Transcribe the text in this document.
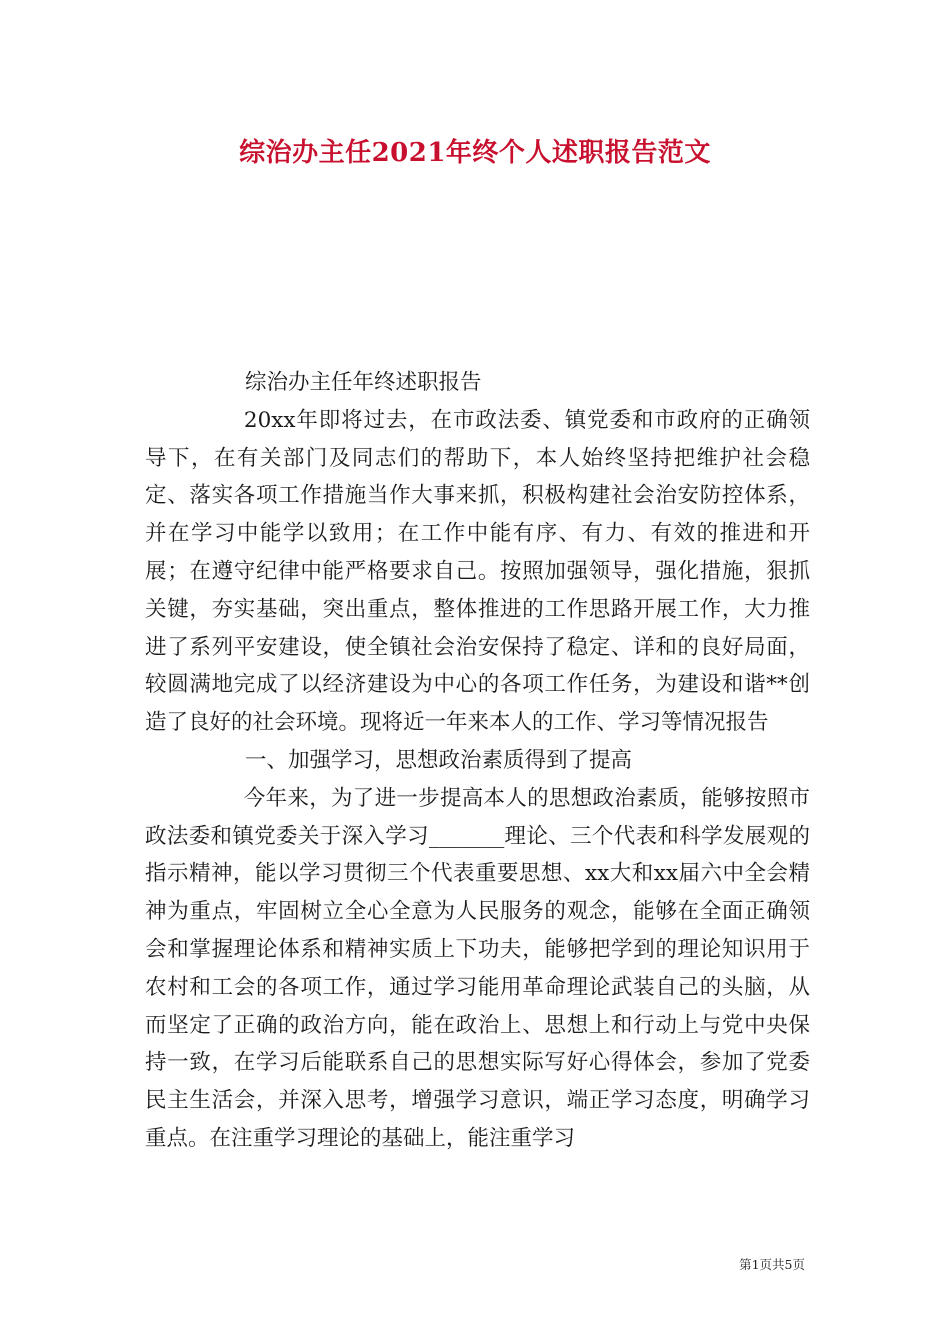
综治办主任2021年终个人述职报告范文

综治办主任年终述职报告

20xx年即将过去，在市政法委、镇党委和市政府的正确领导下，在有关部门及同志们的帮助下，本人始终坚持把维护社会稳定、落实各项工作措施当作大事来抓，积极构建社会治安防控体系，并在学习中能学以致用；在工作中能有序、有力、有效的推进和开展；在遵守纪律中能严格要求自己。按照加强领导，强化措施，狠抓关键，夯实基础，突出重点，整体推进的工作思路开展工作，大力推进了系列平安建设，使全镇社会治安保持了稳定、详和的良好局面，较圆满地完成了以经济建设为中心的各项工作任务，为建设和谐**创造了良好的社会环境。现将近一年来本人的工作、学习等情况报告

一、加强学习，思想政治素质得到了提高

今年来，为了进一步提高本人的思想政治素质，能够按照市政法委和镇党委关于深入学习_______理论、三个代表和科学发展观的指示精神，能以学习贯彻三个代表重要思想、xx大和xx届六中全会精神为重点，牢固树立全心全意为人民服务的观念，能够在全面正确领会和掌握理论体系和精神实质上下功夫，能够把学到的理论知识用于农村和工会的各项工作，通过学习能用革命理论武装自己的头脑，从而坚定了正确的政治方向，能在政治上、思想上和行动上与党中央保持一致，在学习后能联系自己的思想实际写好心得体会，参加了党委民主生活会，并深入思考，增强学习意识，端正学习态度，明确学习重点。在注重学习理论的基础上，能注重学习

第1页共5页
